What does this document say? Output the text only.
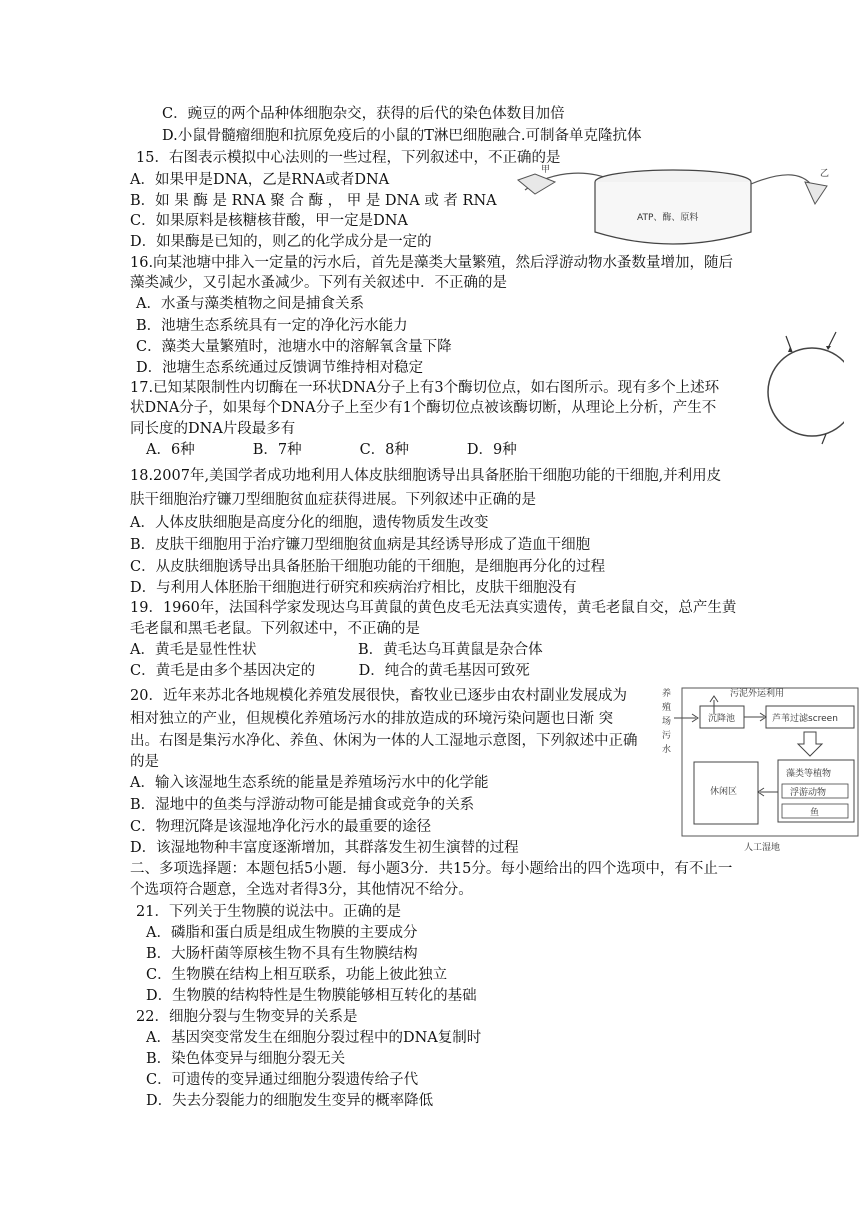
C．豌豆的两个品种体细胞杂交，获得的后代的染色体数目加倍
D.小鼠骨髓瘤细胞和抗原免疫后的小鼠的T淋巴细胞融合.可制备单克隆抗体
15．右图表示模拟中心法则的一些过程，下列叙述中，不正确的是
A．如果甲是DNA，乙是RNA或者DNA
B．如 果 酶 是 RNA 聚 合 酶 ， 甲 是 DNA 或 者 RNA
C．如果原料是核糖核苷酸，甲一定是DNA
D．如果酶是已知的，则乙的化学成分是一定的
16.向某池塘中排入一定量的污水后，首先是藻类大量繁殖，然后浮游动物水蚤数量增加，随后
藻类减少，又引起水蚤减少。下列有关叙述中．不正确的是
A．水蚤与藻类植物之间是捕食关系
B．池塘生态系统具有一定的净化污水能力
C．藻类大量繁殖时，池塘水中的溶解氧含量下降
D．池塘生态系统通过反馈调节维持相对稳定
17.已知某限制性内切酶在一环状DNA分子上有3个酶切位点，如右图所示。现有多个上述环
状DNA分子，如果每个DNA分子上至少有1个酶切位点被该酶切断，从理论上分析，产生不
同长度的DNA片段最多有
A．6种　　　　B．7种　　　　C．8种　　　　D．9种
18.2007年,美国学者成功地利用人体皮肤细胞诱导出具备胚胎干细胞功能的干细胞,并利用皮
肤干细胞治疗镰刀型细胞贫血症获得进展。下列叙述中正确的是
A．人体皮肤细胞是高度分化的细胞，遗传物质发生改变
B．皮肤干细胞用于治疗镰刀型细胞贫血病是其经诱导形成了造血干细胞
C．从皮肤细胞诱导出具备胚胎干细胞功能的干细胞，是细胞再分化的过程
D．与利用人体胚胎干细胞进行研究和疾病治疗相比，皮肤干细胞没有
19．1960年，法国科学家发现达乌耳黄鼠的黄色皮毛无法真实遗传，黄毛老鼠自交，总产生黄
毛老鼠和黑毛老鼠。下列叙述中，不正确的是
A．黄毛是显性性状　　　　　　　B．黄毛达乌耳黄鼠是杂合体
C．黄毛是由多个基因决定的　　　D．纯合的黄毛基因可致死
20．近年来苏北各地规模化养殖发展很快，畜牧业已逐步由农村副业发展成为
相对独立的产业，但规模化养殖场污水的排放造成的环境污染问题也日渐 突
出。右图是集污水净化、养鱼、休闲为一体的人工湿地示意图，下列叙述中正确
的是
A．输入该湿地生态系统的能量是养殖场污水中的化学能
B．湿地中的鱼类与浮游动物可能是捕食或竞争的关系
C．物理沉降是该湿地净化污水的最重要的途径
D．该湿地物种丰富度逐渐增加，其群落发生初生演替的过程
二、多项选择题：本题包括5小题．每小题3分．共15分。每小题给出的四个选项中，有不止一
个选项符合题意，全选对者得3分，其他情况不给分。
21．下列关于生物膜的说法中。正确的是
A．磷脂和蛋白质是组成生物膜的主要成分
B．大肠杆菌等原核生物不具有生物膜结构
C．生物膜在结构上相互联系，功能上彼此独立
D．生物膜的结构特性是生物膜能够相互转化的基础
22．细胞分裂与生物变异的关系是
A．基因突变常发生在细胞分裂过程中的DNA复制时
B．染色体变异与细胞分裂无关
C．可遗传的变异通过细胞分裂遗传给子代
D．失去分裂能力的细胞发生变异的概率降低
甲
ATP、酶、原料
乙
污泥外运利用
养
殖
场
污
水
沉降池	芦苇过滤screen
休闲区
藻类等植物
浮游动物
鱼
人工湿地
